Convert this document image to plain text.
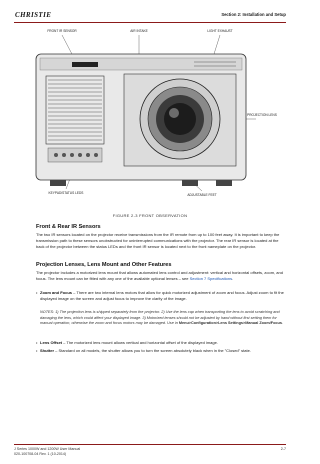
CHRISTIE	Section 2: Installation and Setup
FRONT IR SENSOR	AIR INTAKE	LIGHT EXHAUST
PROJECTION LENS
KEYPAD/STATUS LEDS	ADJUSTABLE FEET
FIGURE 2-3 FRONT OBSERVATION
Front & Rear IR Sensors
The two IR sensors located on the projector receive transmissions from the IR remote from up to 100 feet away. It is important to keep the transmission path to these sensors unobstructed for uninterrupted communications with the projector. The rear IR sensor is located at the back of the projector between the status LEDs and the front IR sensor is located next to the front nameplate on the projector.
Projection Lenses, Lens Mount and Other Features
The projector includes a motorized lens mount that allows automated lens control and adjustment: vertical and horizontal offsets, zoom, and focus. The lens mount can be fitted with any one of the available optional lenses – see Section 7 Specifications.
• Zoom and Focus – There are two internal lens motors that allow for quick motorized adjustment of zoom and focus. Adjust zoom to fit the displayed image on the screen and adjust focus to improve the clarity of the image.
NOTES: 1) The projection lens is shipped separately from the projector. 2) Use the lens cap when transporting the lens to avoid scratching and damaging the lens, which could affect your displayed image. 3) Motorized lenses should not be adjusted by hand without first setting them for manual operation, otherwise the zoom and focus motors may be damaged. Use in Menu>Configuration>Lens Settings>Manual Zoom/Focus.
• Lens Offset – The motorized lens mount allows vertical and horizontal offset of the displayed image.
• Shutter – Standard on all models, the shutter allows you to turn the screen absolutely black when in the "Closed" state.
J Series 1000W and 1200W User Manual
020-100708-04 Rev. 1 (10-2014)
2-7
